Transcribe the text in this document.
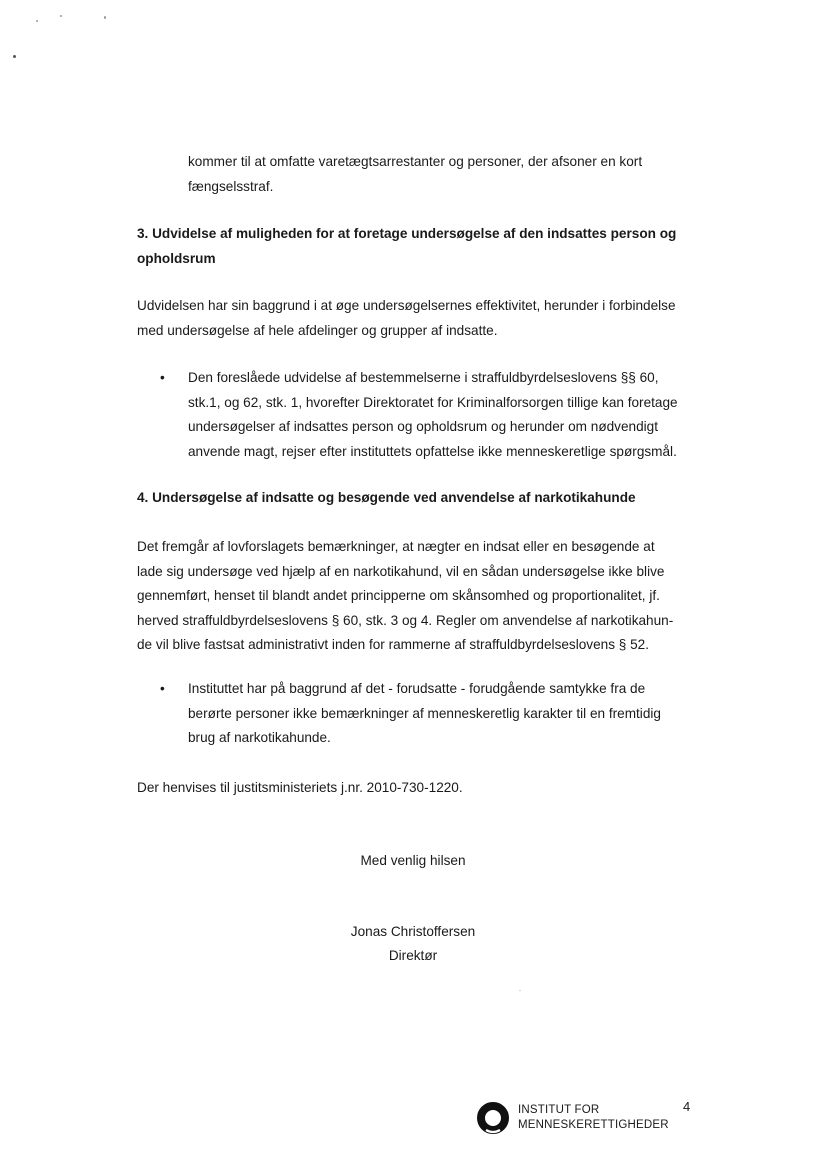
kommer til at omfatte varetægtsarrestanter og personer, der afsoner en kort
fængselsstraf.

3. Udvidelse af muligheden for at foretage undersøgelse af den indsattes person og
opholdsrum

Udvidelsen har sin baggrund i at øge undersøgelsernes effektivitet, herunder i forbindelse
med undersøgelse af hele afdelinger og grupper af indsatte.

•	Den foreslåede udvidelse af bestemmelserne i straffuldbyrdelseslovens §§ 60,
stk.1, og 62, stk. 1, hvorefter Direktoratet for Kriminalforsorgen tillige kan foretage
undersøgelser af indsattes person og opholdsrum og herunder om nødvendigt
anvende magt, rejser efter instituttets opfattelse ikke menneskeretlige spørgsmål.

4. Undersøgelse af indsatte og besøgende ved anvendelse af narkotikahunde

Det fremgår af lovforslagets bemærkninger, at nægter en indsat eller en besøgende at
lade sig undersøge ved hjælp af en narkotikahund, vil en sådan undersøgelse ikke blive
gennemført, henset til blandt andet principperne om skånsomhed og proportionalitet, jf.
herved straffuldbyrdelseslovens § 60, stk. 3 og 4. Regler om anvendelse af narkotikahun-
de vil blive fastsat administrativt inden for rammerne af straffuldbyrdelseslovens § 52.

•	Instituttet har på baggrund af det - forudsatte - forudgående samtykke fra de
berørte personer ikke bemærkninger af menneskeretlig karakter til en fremtidig
brug af narkotikahunde.

Der henvises til justitsministeriets j.nr. 2010-730-1220.

Med venlig hilsen

Jonas Christoffersen

Direktør

INSTITUT FOR
MENNESKERETTIGHEDER
4
